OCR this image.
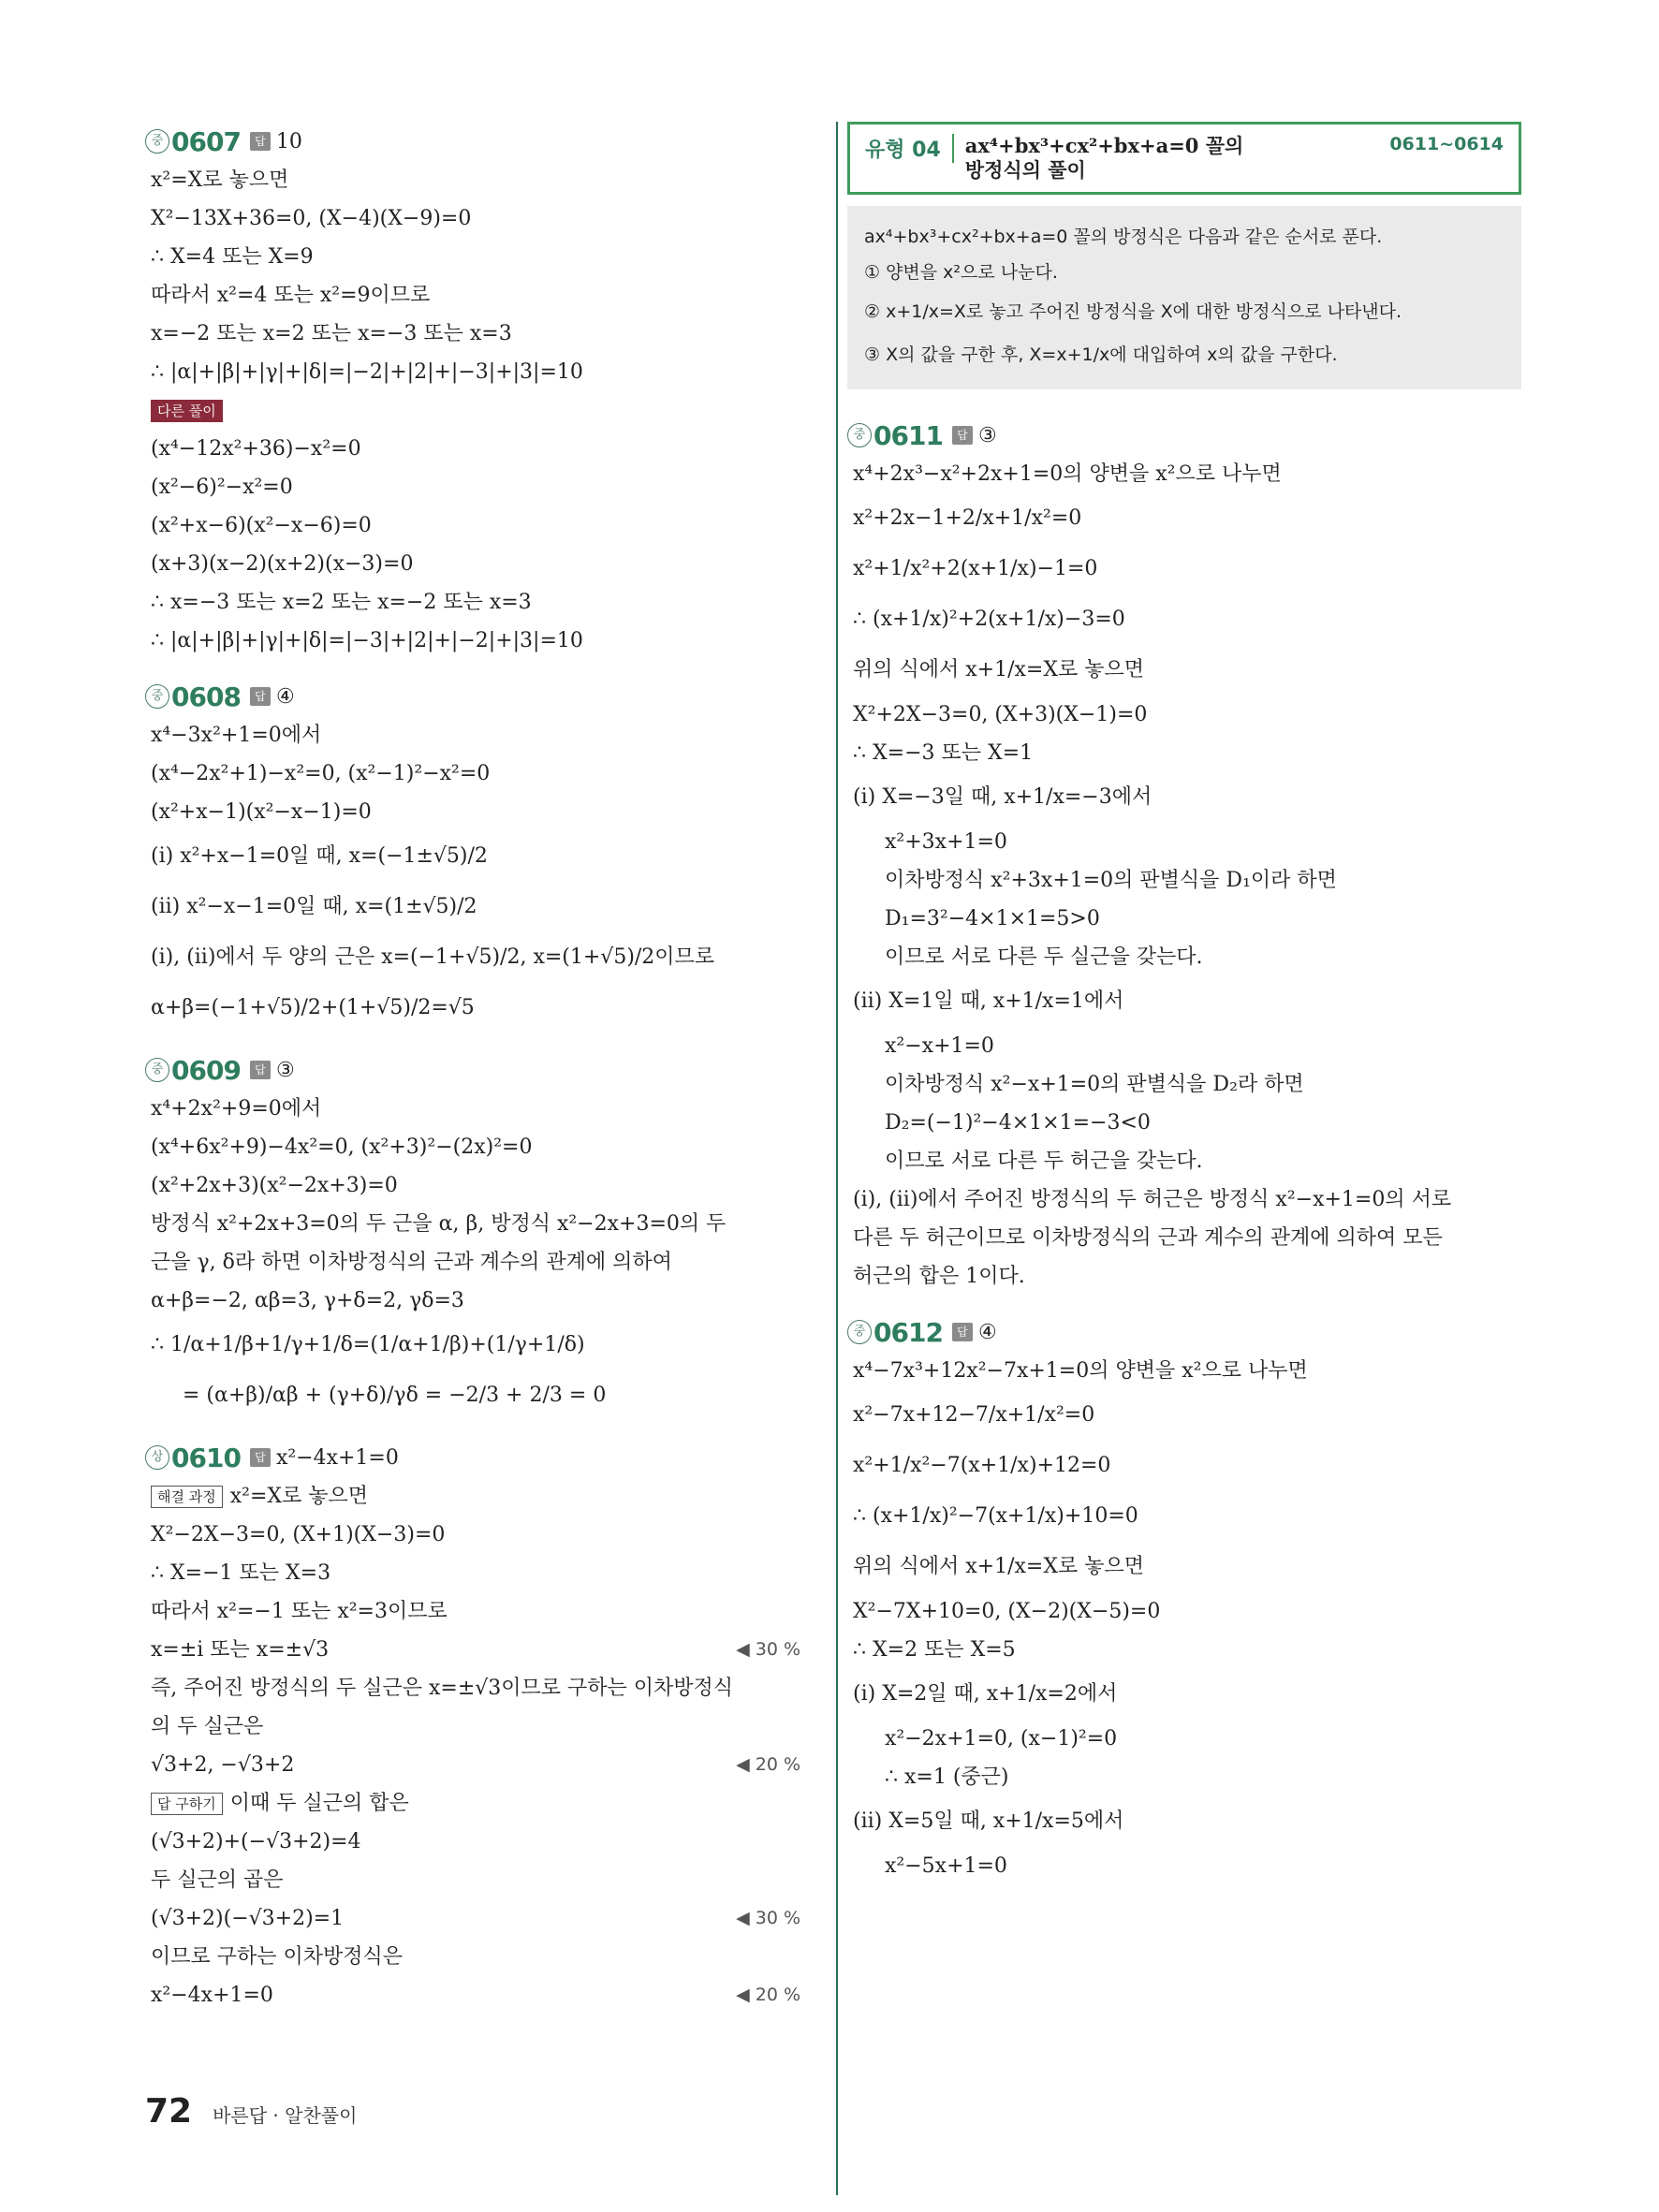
중 0607	답 10
x²=X로 놓으면
X²−13X+36=0, (X−4)(X−9)=0
∴ X=4 또는 X=9
따라서 x²=4 또는 x²=9이므로
x=−2 또는 x=2 또는 x=−3 또는 x=3
∴ |α|+|β|+|γ|+|δ|=|−2|+|2|+|−3|+|3|=10
다른 풀이
(x⁴−12x²+36)−x²=0
(x²−6)²−x²=0
(x²+x−6)(x²−x−6)=0
(x+3)(x−2)(x+2)(x−3)=0
∴ x=−3 또는 x=2 또는 x=−2 또는 x=3
∴ |α|+|β|+|γ|+|δ|=|−3|+|2|+|−2|+|3|=10
중 0608	답 ④
x⁴−3x²+1=0에서
(x⁴−2x²+1)−x²=0, (x²−1)²−x²=0
(x²+x−1)(x²−x−1)=0
(i) x²+x−1=0일 때, x=(−1±√5)/2
(ii) x²−x−1=0일 때, x=(1±√5)/2
(i), (ii)에서 두 양의 근은 x=(−1+√5)/2, x=(1+√5)/2이므로
α+β=(−1+√5)/2+(1+√5)/2=√5
중 0609	답 ③
x⁴+2x²+9=0에서
(x⁴+6x²+9)−4x²=0, (x²+3)²−(2x)²=0
(x²+2x+3)(x²−2x+3)=0
방정식 x²+2x+3=0의 두 근을 α, β, 방정식 x²−2x+3=0의 두
근을 γ, δ라 하면 이차방정식의 근과 계수의 관계에 의하여
α+β=−2, αβ=3, γ+δ=2, γδ=3
∴ 1/α+1/β+1/γ+1/δ=(1/α+1/β)+(1/γ+1/δ)
= (α+β)/αβ + (γ+δ)/γδ = −2/3 + 2/3 = 0
상 0610	답 x²−4x+1=0
해결 과정 x²=X로 놓으면
X²−2X−3=0, (X+1)(X−3)=0
∴ X=−1 또는 X=3
따라서 x²=−1 또는 x²=3이므로
x=±i 또는 x=±√3	◀ 30 %
즉, 주어진 방정식의 두 실근은 x=±√3이므로 구하는 이차방정식
의 두 실근은
√3+2, −√3+2	◀ 20 %
답 구하기 이때 두 실근의 합은
(√3+2)+(−√3+2)=4
두 실근의 곱은
(√3+2)(−√3+2)=1	◀ 30 %
이므로 구하는 이차방정식은
x²−4x+1=0	◀ 20 %
유형 04	ax⁴+bx³+cx²+bx+a=0 꼴의
방정식의 풀이
0611~0614
ax⁴+bx³+cx²+bx+a=0 꼴의 방정식은 다음과 같은 순서로 푼다.
① 양변을 x²으로 나눈다.
② x+1/x=X로 놓고 주어진 방정식을 X에 대한 방정식으로 나타낸다.
③ X의 값을 구한 후, X=x+1/x에 대입하여 x의 값을 구한다.
중 0611	답 ③
x⁴+2x³−x²+2x+1=0의 양변을 x²으로 나누면
x²+2x−1+2/x+1/x²=0
x²+1/x²+2(x+1/x)−1=0
∴ (x+1/x)²+2(x+1/x)−3=0
위의 식에서 x+1/x=X로 놓으면
X²+2X−3=0, (X+3)(X−1)=0
∴ X=−3 또는 X=1
(i) X=−3일 때, x+1/x=−3에서
x²+3x+1=0
이차방정식 x²+3x+1=0의 판별식을 D₁이라 하면
D₁=3²−4×1×1=5>0
이므로 서로 다른 두 실근을 갖는다.
(ii) X=1일 때, x+1/x=1에서
x²−x+1=0
이차방정식 x²−x+1=0의 판별식을 D₂라 하면
D₂=(−1)²−4×1×1=−3<0
이므로 서로 다른 두 허근을 갖는다.
(i), (ii)에서 주어진 방정식의 두 허근은 방정식 x²−x+1=0의 서로
다른 두 허근이므로 이차방정식의 근과 계수의 관계에 의하여 모든
허근의 합은 1이다.
중 0612	답 ④
x⁴−7x³+12x²−7x+1=0의 양변을 x²으로 나누면
x²−7x+12−7/x+1/x²=0
x²+1/x²−7(x+1/x)+12=0
∴ (x+1/x)²−7(x+1/x)+10=0
위의 식에서 x+1/x=X로 놓으면
X²−7X+10=0, (X−2)(X−5)=0
∴ X=2 또는 X=5
(i) X=2일 때, x+1/x=2에서
x²−2x+1=0, (x−1)²=0
∴ x=1 (중근)
(ii) X=5일 때, x+1/x=5에서
x²−5x+1=0
72 바른답 · 알찬풀이
